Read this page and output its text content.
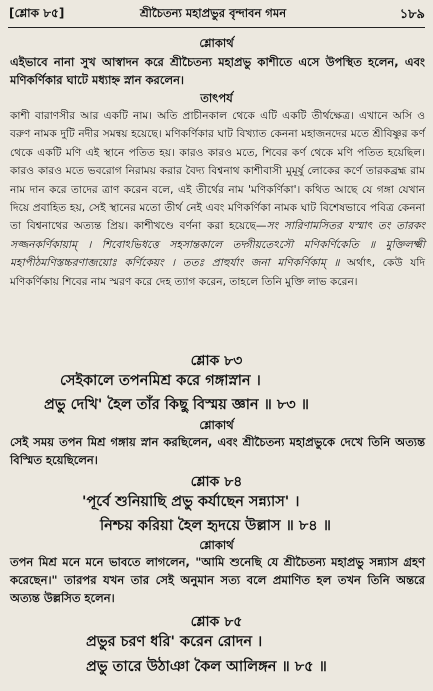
[শ্লোক ৮৫]	শ্রীচৈতন্য মহাপ্রভুর বৃন্দাবন গমন	১৮৯
শ্লোকার্থ
এইভাবে নানা সুখ আস্বাদন করে শ্রীচৈতন্য মহাপ্রভু কাশীতে এসে উপস্থিত হলেন, এবং মণিকর্ণিকার ঘাটে মধ্যাহ্ন স্নান করলেন।
তাৎপর্য
কাশী বারাণসীর আর একটি নাম। অতি প্রাচীনকাল থেকে এটি একটি তীর্থক্ষেত্র। এখানে অসি ও বরুণ নামক দুটি নদীর সমন্বয় হয়েছে। মণিকর্ণিকার ঘাট বিখ্যাত কেননা মহাজনদের মতে শ্রীবিষ্ণুর কর্ণ থেকে একটি মণি এই স্থানে পতিত হয়। কারও কারও মতে, শিবের কর্ণ থেকে মণি পতিত হয়েছিল। কারও কারও মতে ভবরোগ নিরাময় করার বৈদ্য বিশ্বনাথ কাশীবাসী মুমূর্ষু লোকের কর্ণে তারকব্রহ্ম রাম নাম দান করে তাদের ত্রাণ করেন বলে, এই তীর্থের নাম 'মণিকর্ণিকা'। কথিত আছে যে গঙ্গা যেখান দিয়ে প্রবাহিত হয়, সেই স্থানের মতো তীর্থ নেই এবং মণিকর্ণিকা নামক ঘাট বিশেষভাবে পবিত্র কেননা তা বিশ্বনাথের অত্যন্ত প্রিয়। কাশীখণ্ডে বর্ণনা করা হয়েছে—সং সারিণামসিতর যস্মাৎ তং তারকং সজ্জনকর্ণিকায়াম্ । শিবোঽভিধত্তে সহসান্তকালে তদ্গীয়তেঽসৌ মণিকর্ণিকেতি ॥ মুক্তিলক্ষ্মী মহাপীঠমণিস্তচ্চরণাব্জয়োঃ কর্ণিকেয়ং । ততঃ প্রাহুর্যাং জনা মণিকর্ণিকাম্ ॥ অর্থাৎ, কেউ যদি মণিকর্ণিকায় শিবের নাম স্মরণ করে দেহ ত্যাগ করেন, তাহলে তিনি মুক্তি লাভ করেন।
শ্লোক ৮৩
সেইকালে তপনমিশ্র করে গঙ্গাস্নান ।
প্রভু দেখি' হৈল তাঁর কিছু বিস্ময় জ্ঞান ॥ ৮৩ ॥
শ্লোকার্থ
সেই সময় তপন মিশ্র গঙ্গায় স্নান করছিলেন, এবং শ্রীচৈতন্য মহাপ্রভুকে দেখে তিনি অত্যন্ত বিস্মিত হয়েছিলেন।
শ্লোক ৮৪
'পূর্বে শুনিয়াছি প্রভু কর্যাছেন সন্ন্যাস' ।
নিশ্চয় করিয়া হৈল হৃদয়ে উল্লাস ॥ ৮৪ ॥
শ্লোকার্থ
তপন মিশ্র মনে মনে ভাবতে লাগলেন, "আমি শুনেছি যে শ্রীচৈতন্য মহাপ্রভু সন্ন্যাস গ্রহণ করেছেন।" তারপর যখন তার সেই অনুমান সত্য বলে প্রমাণিত হল তখন তিনি অন্তরে অত্যন্ত উল্লসিত হলেন।
শ্লোক ৮৫
প্রভুর চরণ ধরি' করেন রোদন ।
প্রভু তারে উঠাঞা কৈল আলিঙ্গন ॥ ৮৫ ॥
